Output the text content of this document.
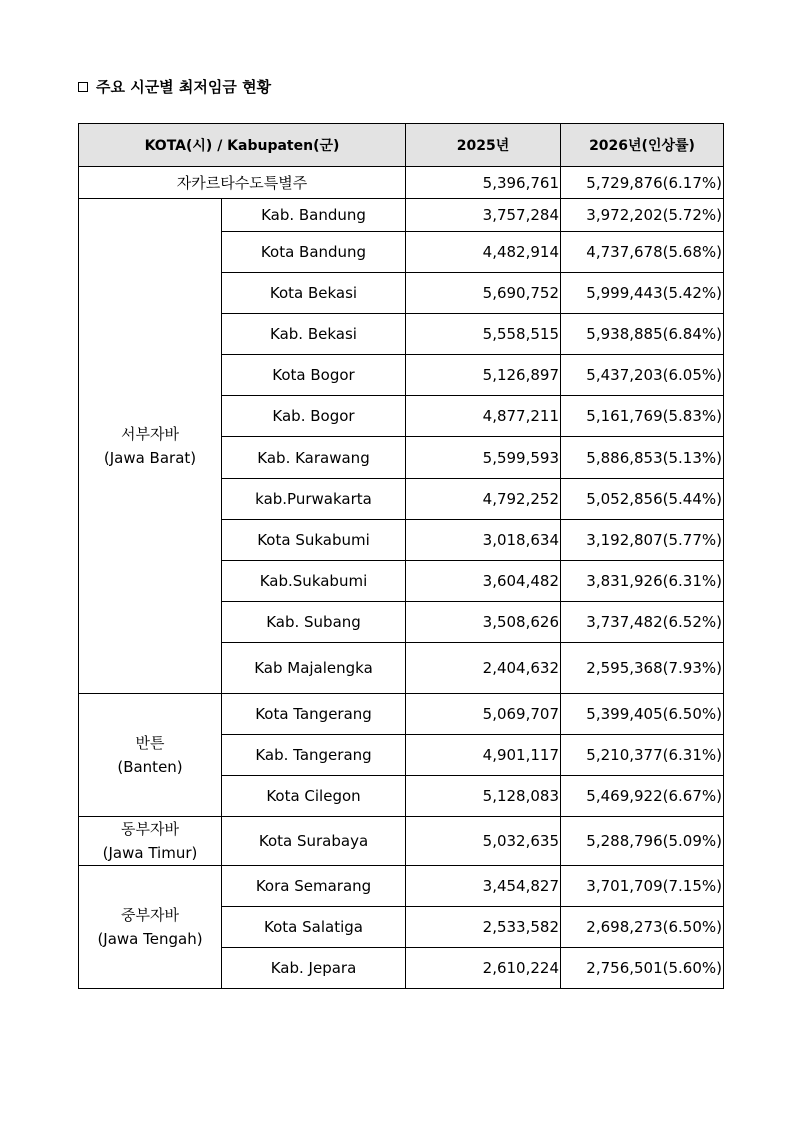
주요 시군별 최저임금 현황
KOTA(시) / Kabupaten(군)		2025년	2026년(인상률)
자카르타수도특별주		5,396,761	5,729,876(6.17%)

서부자바
(Jawa Barat)	Kab. Bandung	3,757,284	3,972,202(5.72%)
	Kota Bandung	4,482,914	4,737,678(5.68%)
	Kota Bekasi	5,690,752	5,999,443(5.42%)
	Kab. Bekasi	5,558,515	5,938,885(6.84%)
	Kota Bogor	5,126,897	5,437,203(6.05%)
	Kab. Bogor	4,877,211	5,161,769(5.83%)
	Kab. Karawang	5,599,593	5,886,853(5.13%)
	kab.Purwakarta	4,792,252	5,052,856(5.44%)
	Kota Sukabumi	3,018,634	3,192,807(5.77%)
	Kab.Sukabumi	3,604,482	3,831,926(6.31%)
	Kab. Subang	3,508,626	3,737,482(6.52%)
	Kab Majalengka	2,404,632	2,595,368(7.93%)

반튼
(Banten)	Kota Tangerang	5,069,707	5,399,405(6.50%)
	Kab. Tangerang	4,901,117	5,210,377(6.31%)
	Kota Cilegon	5,128,083	5,469,922(6.67%)

동부자바
(Jawa Timur)	Kota Surabaya	5,032,635	5,288,796(5.09%)

중부자바
(Jawa Tengah)	Kora Semarang	3,454,827	3,701,709(7.15%)
	Kota Salatiga	2,533,582	2,698,273(6.50%)
	Kab. Jepara	2,610,224	2,756,501(5.60%)
